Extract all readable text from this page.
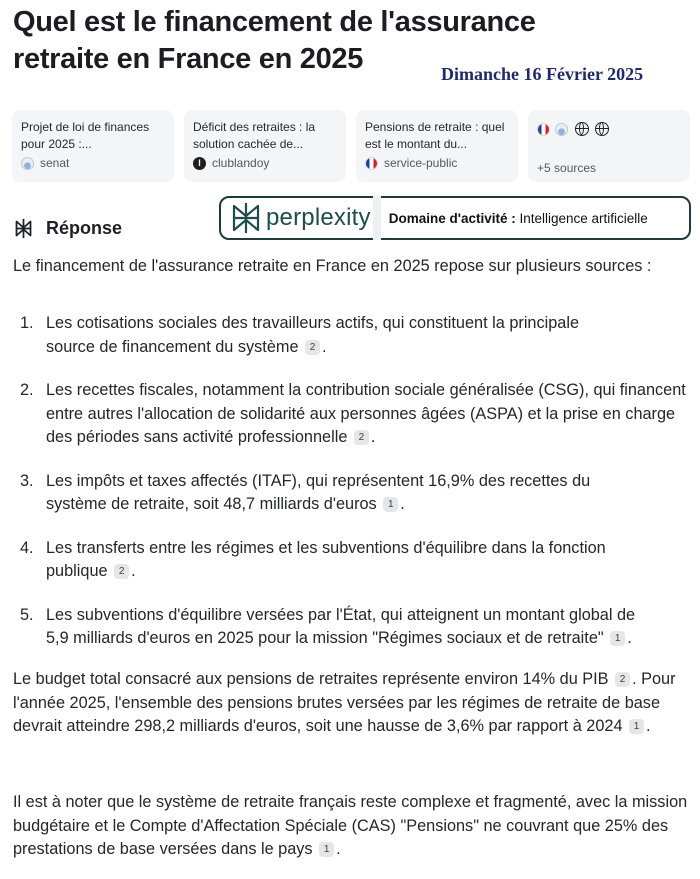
Quel est le financement de l'assurance retraite en France en 2025	Dimanche 16 Février 2025
Projet de loi de finances pour 2025 :...
senat
Déficit des retraites : la solution cachée de...
l clublandoy
Pensions de retraite : quel est le montant du...
service-public	+5 sources
Réponse	perplexity Domaine d'activité : Intelligence artificielle
Le financement de l'assurance retraite en France en 2025 repose sur plusieurs sources :
1. Les cotisations sociales des travailleurs actifs, qui constituent la principale source de financement du système 2 .
2. Les recettes fiscales, notamment la contribution sociale généralisée (CSG), qui financent entre autres l'allocation de solidarité aux personnes âgées (ASPA) et la prise en charge des périodes sans activité professionnelle 2 .
3. Les impôts et taxes affectés (ITAF), qui représentent 16,9% des recettes du système de retraite, soit 48,7 milliards d'euros 1 .
4. Les transferts entre les régimes et les subventions d'équilibre dans la fonction publique 2 .
5. Les subventions d'équilibre versées par l'État, qui atteignent un montant global de 5,9 milliards d'euros en 2025 pour la mission "Régimes sociaux et de retraite" 1 .
Le budget total consacré aux pensions de retraites représente environ 14% du PIB 2 . Pour l'année 2025, l'ensemble des pensions brutes versées par les régimes de retraite de base devrait atteindre 298,2 milliards d'euros, soit une hausse de 3,6% par rapport à 2024 1 .
Il est à noter que le système de retraite français reste complexe et fragmenté, avec la mission budgétaire et le Compte d'Affectation Spéciale (CAS) "Pensions" ne couvrant que 25% des prestations de base versées dans le pays 1 .
